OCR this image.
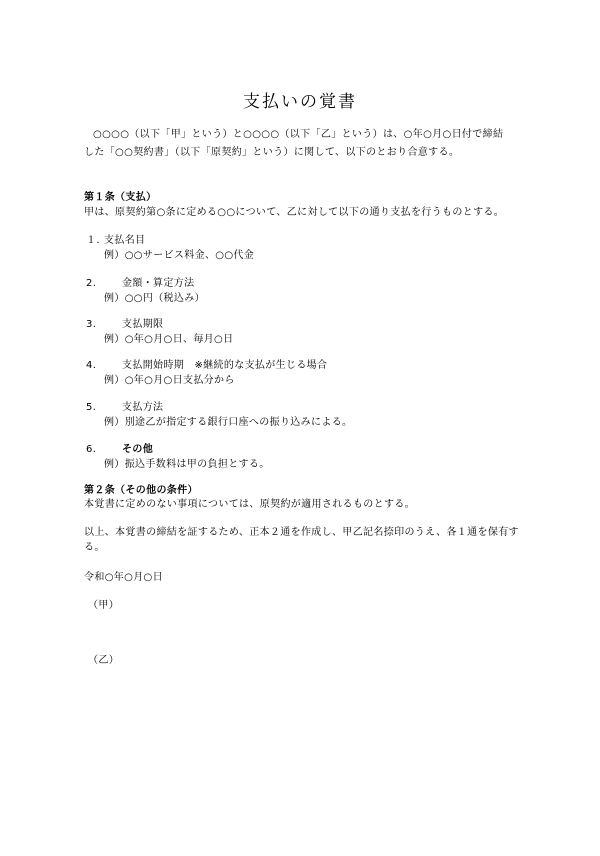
支払いの覚書
○○○○（以下「甲」という）と○○○○（以下「乙」という）は、○年○月○日付で締結
した「○○契約書」（以下「原契約」という）に関して、以下のとおり合意する。
第１条（支払）
甲は、原契約第○条に定める○○について、乙に対して以下の通り支払を行うものとする。
１. 支払名目
例）○○サービス料金、○○代金
2.	金額・算定方法
例）○○円（税込み）
3.	支払期限
例）○年○月○日、毎月○日
4.	支払開始時期　※継続的な支払が生じる場合
例）○年○月○日支払分から
5.	支払方法
例）別途乙が指定する銀行口座への振り込みによる。
6.	その他
例）振込手数料は甲の負担とする。
第２条（その他の条件）
本覚書に定めのない事項については、原契約が適用されるものとする。
以上、本覚書の締結を証するため、正本２通を作成し、甲乙記名捺印のうえ、各１通を保有す
る。
令和○年○月○日
（甲）
（乙）
